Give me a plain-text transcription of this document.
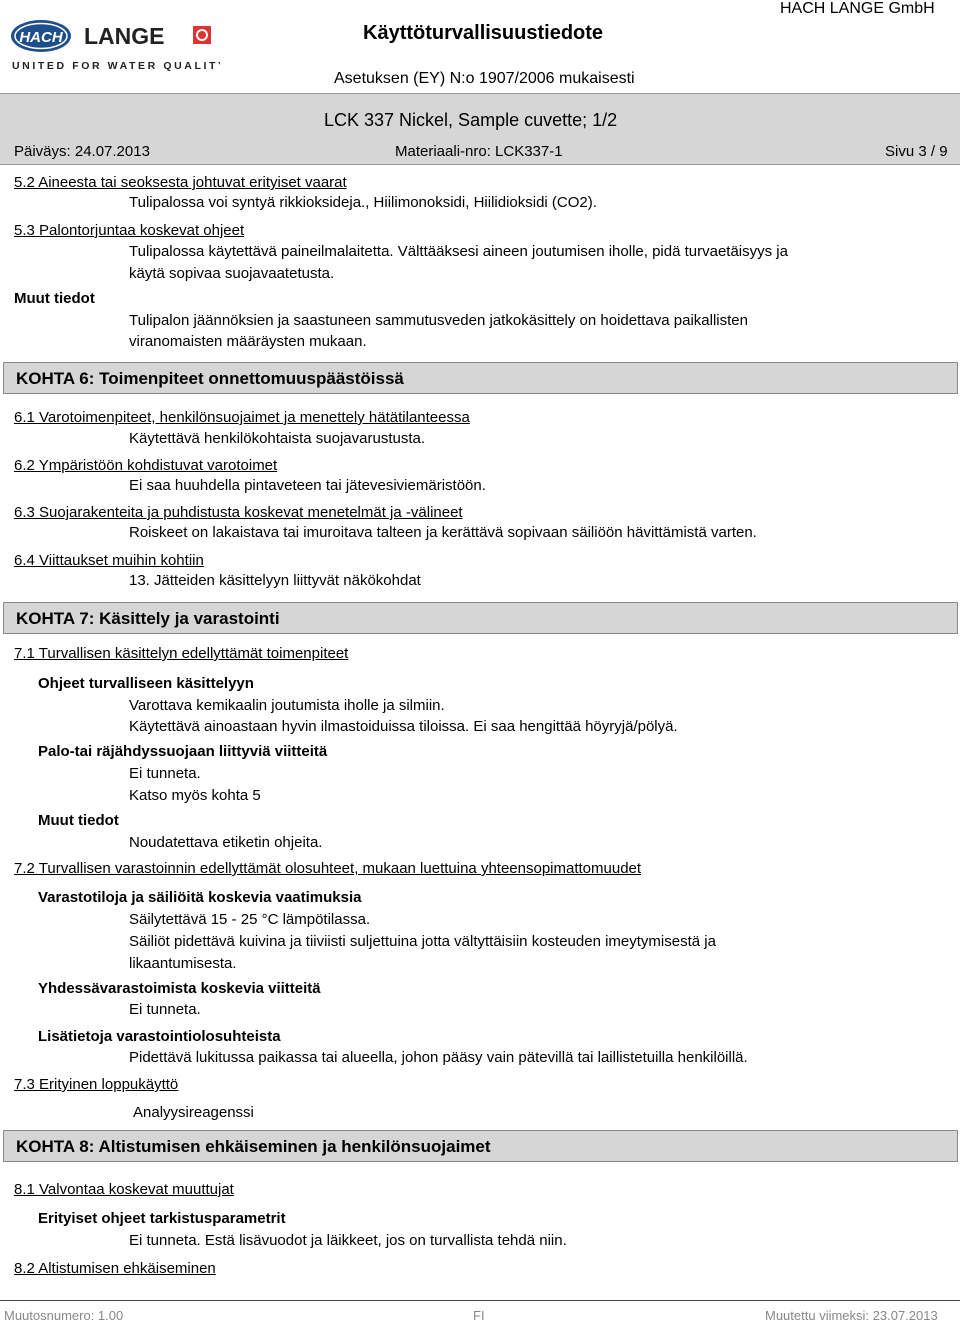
HACH LANGE
UNITED FOR WATER QUALITY
Käyttöturvallisuustiedote
HACH LANGE GmbH
Asetuksen (EY) N:o 1907/2006 mukaisesti
LCK 337 Nickel, Sample cuvette; 1/2
Päiväys: 24.07.2013	Materiaali-nro: LCK337-1	Sivu 3 / 9
5.2 Aineesta tai seoksesta johtuvat erityiset vaarat
Tulipalossa voi syntyä rikkioksideja., Hiilimonoksidi, Hiilidioksidi (CO2).
5.3 Palontorjuntaa koskevat ohjeet
Tulipalossa käytettävä paineilmalaitetta. Välttääksesi aineen joutumisen iholle, pidä turvaetäisyys ja
käytä sopivaa suojavaatetusta.
Muut tiedot
Tulipalon jäännöksien ja saastuneen sammutusveden jatkokäsittely on hoidettava paikallisten
viranomaisten määräysten mukaan.
KOHTA 6: Toimenpiteet onnettomuuspäästöissä
6.1 Varotoimenpiteet, henkilönsuojaimet ja menettely hätätilanteessa
Käytettävä henkilökohtaista suojavarustusta.
6.2 Ympäristöön kohdistuvat varotoimet
Ei saa huuhdella pintaveteen tai jätevesiviemäristöön.
6.3 Suojarakenteita ja puhdistusta koskevat menetelmät ja -välineet
Roiskeet on lakaistava tai imuroitava talteen ja kerättävä sopivaan säiliöön hävittämistä varten.
6.4 Viittaukset muihin kohtiin
13. Jätteiden käsittelyyn liittyvät näkökohdat
KOHTA 7: Käsittely ja varastointi
7.1 Turvallisen käsittelyn edellyttämät toimenpiteet
Ohjeet turvalliseen käsittelyyn
Varottava kemikaalin joutumista iholle ja silmiin.
Käytettävä ainoastaan hyvin ilmastoiduissa tiloissa. Ei saa hengittää höyryjä/pölyä.
Palo-tai räjähdyssuojaan liittyviä viitteitä
Ei tunneta.
Katso myös kohta 5
Muut tiedot
Noudatettava etiketin ohjeita.
7.2 Turvallisen varastoinnin edellyttämät olosuhteet, mukaan luettuina yhteensopimattomuudet
Varastotiloja ja säiliöitä koskevia vaatimuksia
Säilytettävä 15 - 25 °C lämpötilassa.
Säiliöt pidettävä kuivina ja tiiviisti suljettuina jotta vältyttäisiin kosteuden imeytymisestä ja
likaantumisesta.
Yhdessävarastoimista koskevia viitteitä
Ei tunneta.
Lisätietoja varastointiolosuhteista
Pidettävä lukitussa paikassa tai alueella, johon pääsy vain pätevillä tai laillistetuilla henkilöillä.
7.3 Erityinen loppukäyttö
Analyysireagenssi
KOHTA 8: Altistumisen ehkäiseminen ja henkilönsuojaimet
8.1 Valvontaa koskevat muuttujat
Erityiset ohjeet tarkistusparametrit
Ei tunneta. Estä lisävuodot ja läikkeet, jos on turvallista tehdä niin.
8.2 Altistumisen ehkäiseminen
Muutosnumero: 1.00	FI	Muutettu viimeksi: 23.07.2013
